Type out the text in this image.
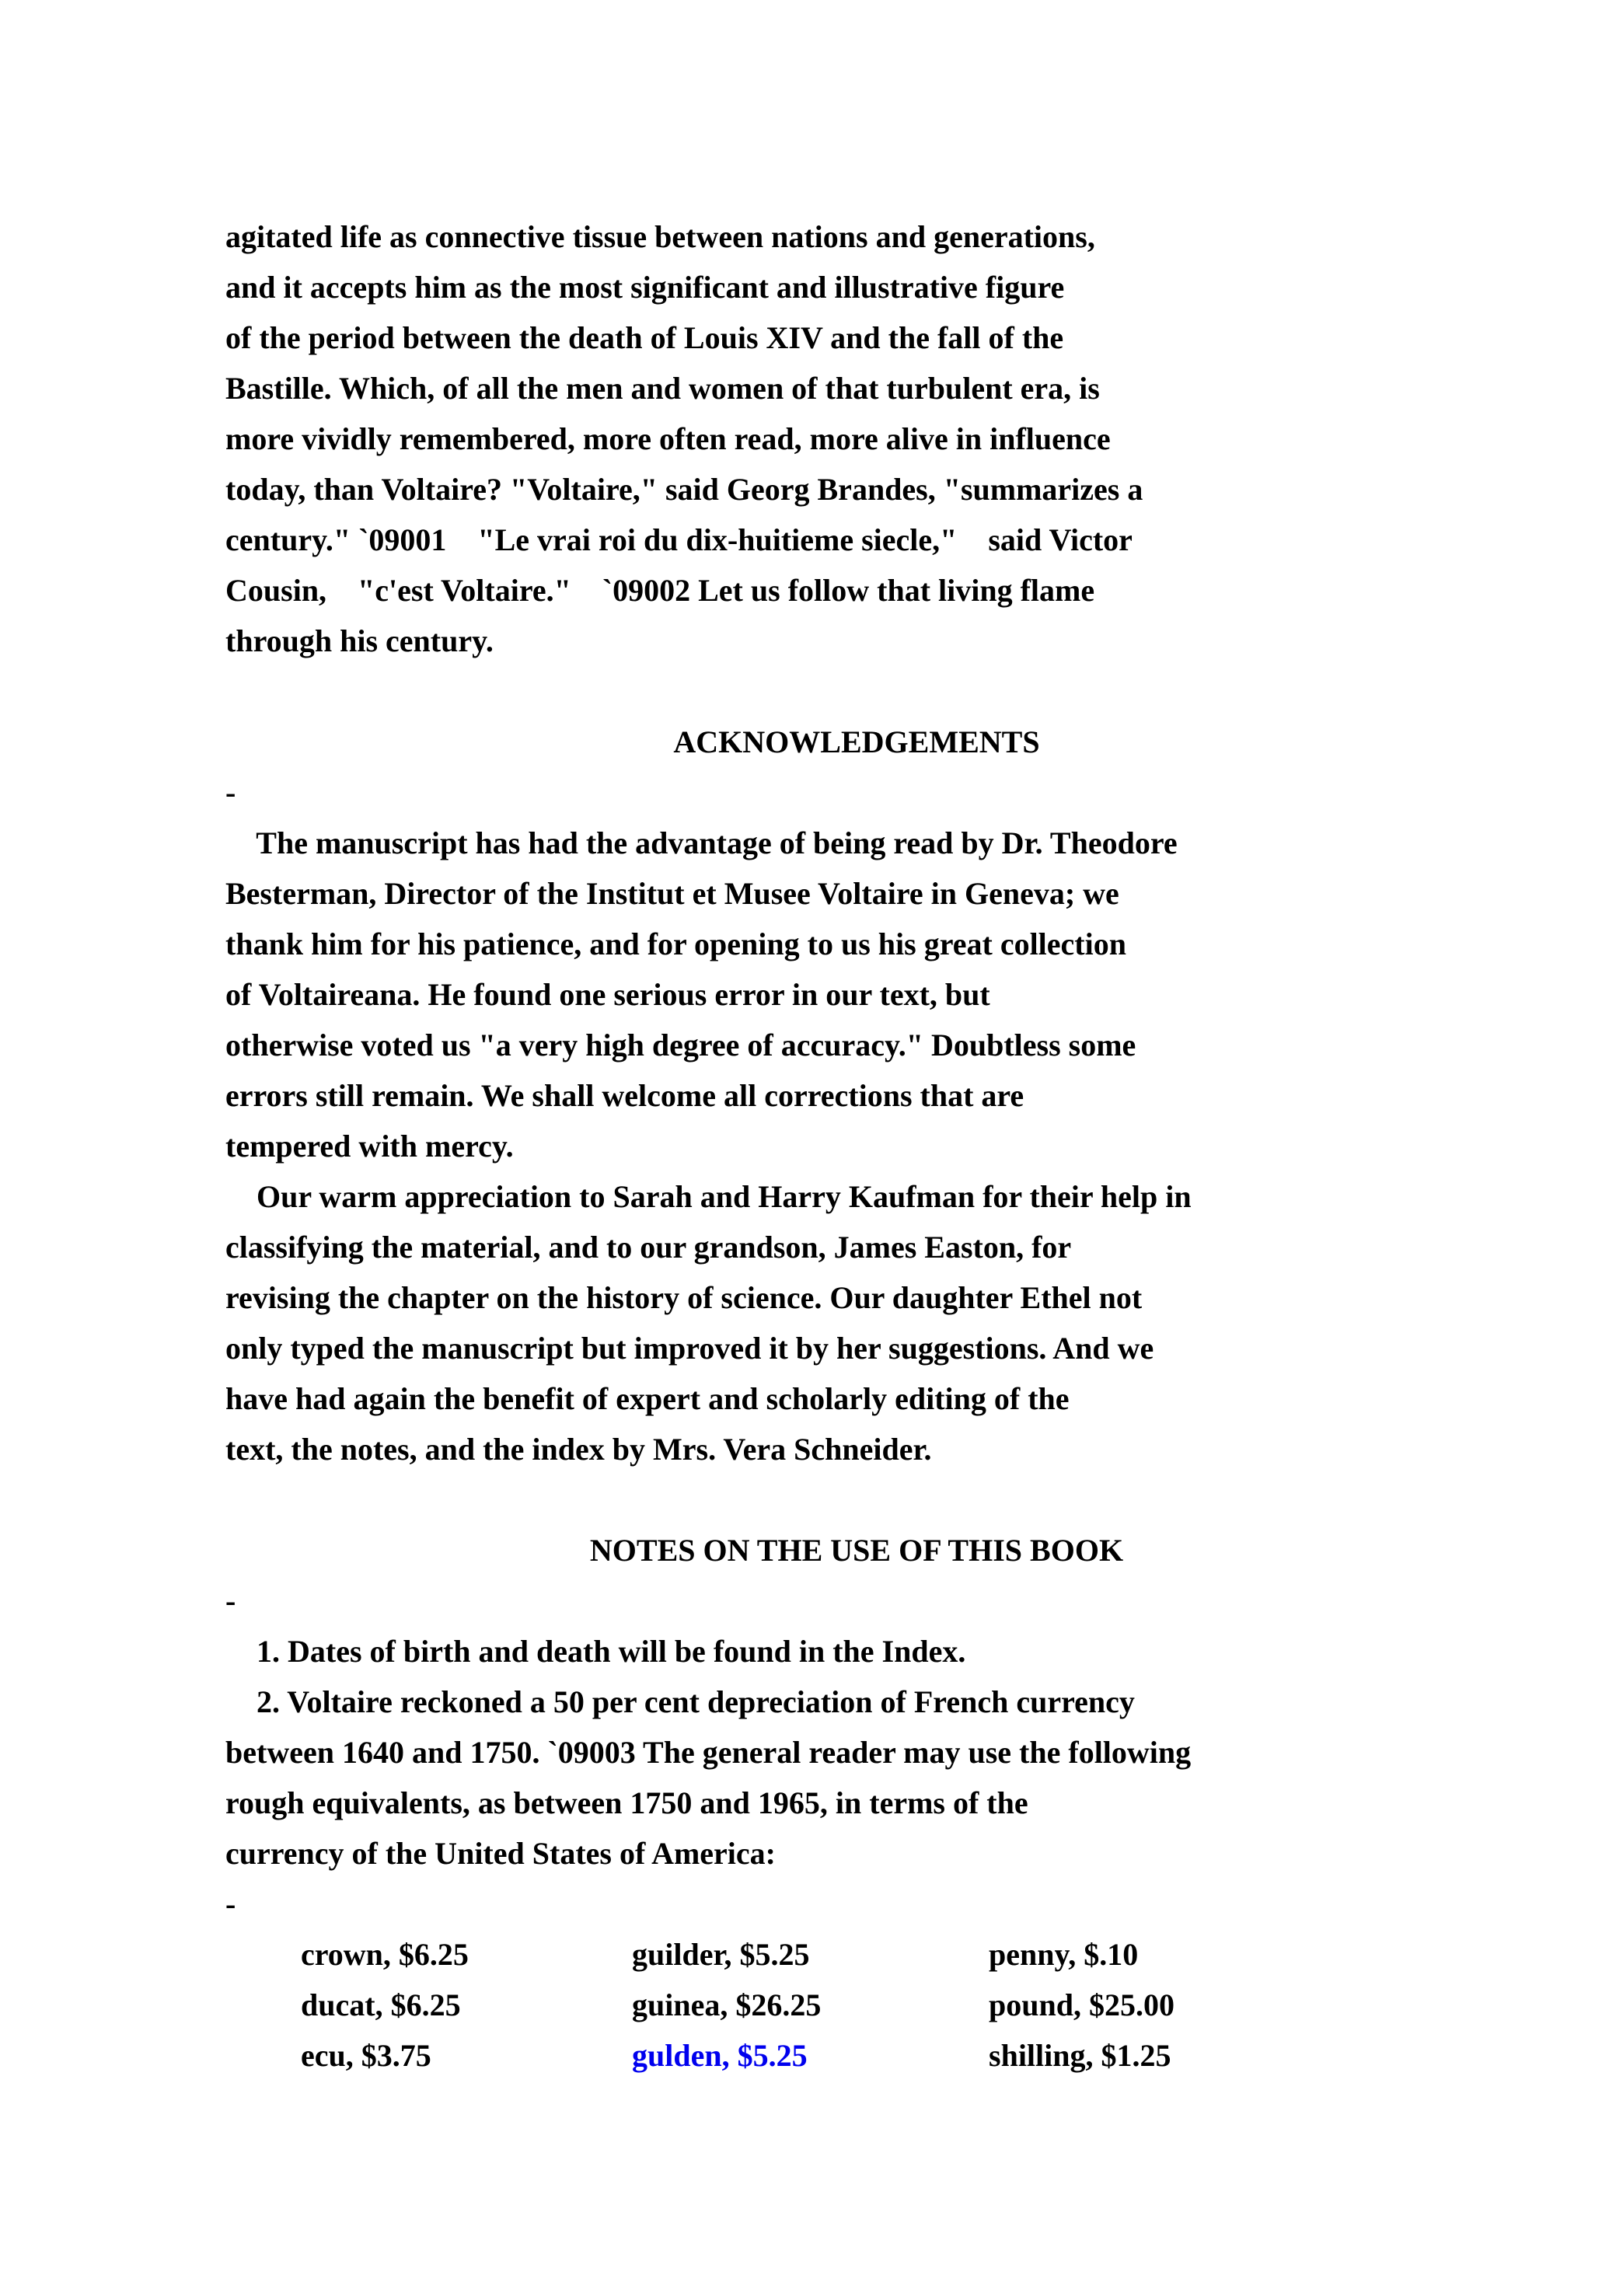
agitated life as connective tissue between nations and generations,
and it accepts him as the most significant and illustrative figure
of the period between the death of Louis XIV and the fall of the
Bastille. Which, of all the men and women of that turbulent era, is
more vividly remembered, more often read, more alive in influence
today, than Voltaire? "Voltaire," said Georg Brandes, "summarizes a
century." `09001    "Le vrai roi du dix-huitieme siecle,"    said Victor
Cousin,    "c'est Voltaire."    `09002 Let us follow that living flame
through his century.
ACKNOWLEDGEMENTS
-
The manuscript has had the advantage of being read by Dr. Theodore
Besterman, Director of the Institut et Musee Voltaire in Geneva; we
thank him for his patience, and for opening to us his great collection
of Voltaireana. He found one serious error in our text, but
otherwise voted us "a very high degree of accuracy." Doubtless some
errors still remain. We shall welcome all corrections that are
tempered with mercy.
Our warm appreciation to Sarah and Harry Kaufman for their help in
classifying the material, and to our grandson, James Easton, for
revising the chapter on the history of science. Our daughter Ethel not
only typed the manuscript but improved it by her suggestions. And we
have had again the benefit of expert and scholarly editing of the
text, the notes, and the index by Mrs. Vera Schneider.
NOTES ON THE USE OF THIS BOOK
-
1. Dates of birth and death will be found in the Index.
2. Voltaire reckoned a 50 per cent depreciation of French currency
between 1640 and 1750. `09003 The general reader may use the following
rough equivalents, as between 1750 and 1965, in terms of the
currency of the United States of America:
-
crown, $6.25	guilder, $5.25	penny, $.10
ducat, $6.25	guinea, $26.25	pound, $25.00
ecu, $3.75	gulden, $5.25	shilling, $1.25
